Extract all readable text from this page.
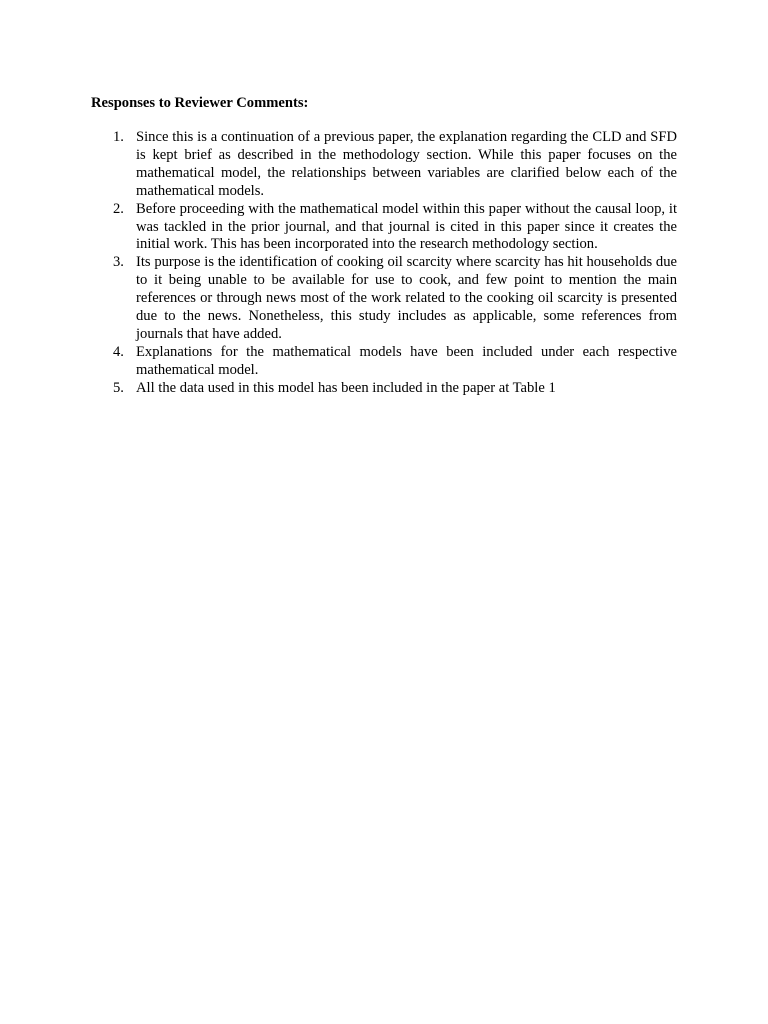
Responses to Reviewer Comments:

1. Since this is a continuation of a previous paper, the explanation regarding the CLD and SFD is kept brief as described in the methodology section. While this paper focuses on the mathematical model, the relationships between variables are clarified below each of the mathematical models.
2. Before proceeding with the mathematical model within this paper without the causal loop, it was tackled in the prior journal, and that journal is cited in this paper since it creates the initial work. This has been incorporated into the research methodology section.
3. Its purpose is the identification of cooking oil scarcity where scarcity has hit households due to it being unable to be available for use to cook, and few point to mention the main references or through news most of the work related to the cooking oil scarcity is presented due to the news. Nonetheless, this study includes as applicable, some references from journals that have added.
4. Explanations for the mathematical models have been included under each respective mathematical model.
5. All the data used in this model has been included in the paper at Table 1
